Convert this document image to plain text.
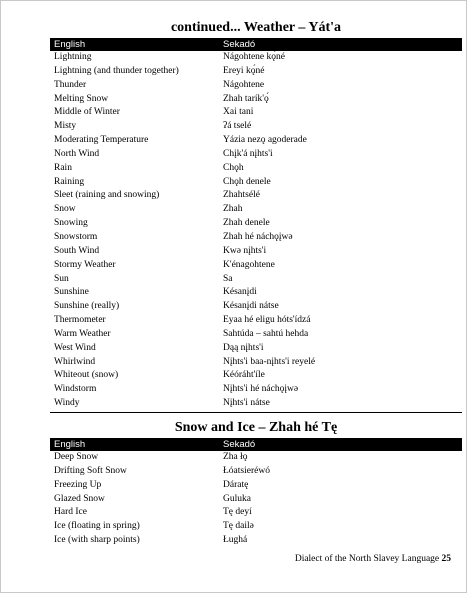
continued... Weather – Yát'a
English	Sekadó
Lightning	Nágohtene kǫ́né
Lightning (and thunder together)	Ereyi kǫ́né
Thunder	Nágohtene
Melting Snow	Zhah tarík'ǫ́
Middle of Winter	Xai tani
Misty	ʔá tselé
Moderating Temperature	Yázia nezǫ agoderade
North Wind	Chįk'á nįhts'i
Rain	Chǫh
Raining	Chǫh denele
Sleet (raining and snowing)	Zhahtsélé
Snow	Zhah
Snowing	Zhah denele
Snowstorm	Zhah hé náchǫįwə
South Wind	Kwə nįhts'i
Stormy Weather	K'énagohtene
Sun	Sa
Sunshine	Késanįdi
Sunshine (really)	Késanįdi nátse
Thermometer	Eyaa hé eligu hóts'ídzá
Warm Weather	Sahtúda – sahtú hehda
West Wind	Dąą nįhts'i
Whirlwind	Nįhts'i baa-nįhts'i reyelé
Whiteout (snow)	Kéóráht'íle
Windstorm	Nįhts'i hé náchǫįwə
Windy	Nįhts'i nátse
Snow and Ice – Zhah hé Tę
English	Sekadó
Deep Snow	Zha łǫ
Drifting Soft Snow	Łóatsieréwó
Freezing Up	Dáratę
Glazed Snow	Guluka
Hard Ice	Tę deyí
Ice (floating in spring)	Tę dailə
Ice (with sharp points)	Łughá
Dialect of the North Slavey Language 25
